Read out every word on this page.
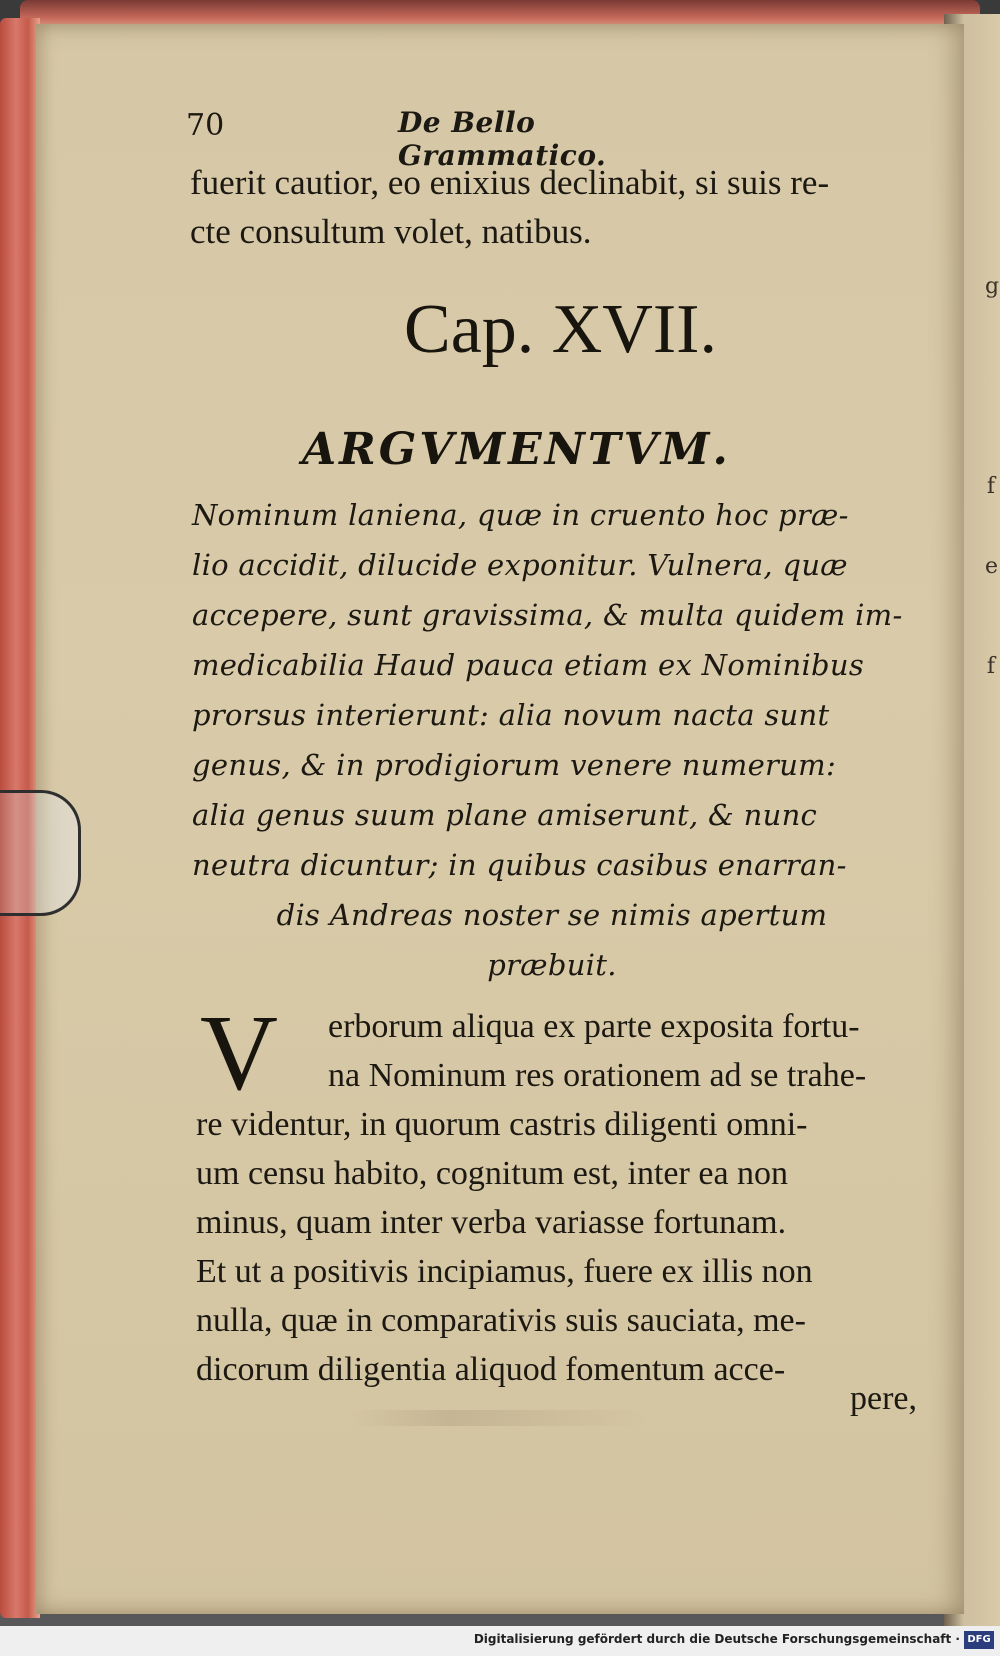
g
f
e
f
70	De Bello Grammatico.
fuerit cautior, eo enixius declinabit, si suis re-
cte consultum volet, natibus.
Cap. XVII.
ARGVMENTVM.
Nominum laniena, quæ in cruento hoc præ-
lio accidit, dilucide exponitur. Vulnera, quæ
accepere, sunt gravissima, & multa quidem im-
medicabilia Haud pauca etiam ex Nominibus
prorsus interierunt: alia novum nacta sunt
genus, & in prodigiorum venere numerum:
alia genus suum plane amiserunt, & nunc
neutra dicuntur; in quibus casibus enarran-
dis Andreas noster se nimis apertum
præbuit.
V	erborum aliqua ex parte exposita fortu-
na Nominum res orationem ad se trahe-
re videntur, in quorum castris diligenti omni-
um censu habito, cognitum est, inter ea non
minus, quam inter verba variasse fortunam.
Et ut a positivis incipiamus, fuere ex illis non
nulla, quæ in comparativis suis sauciata, me-
dicorum diligentia aliquod fomentum acce-
pere,
Digitalisierung gefördert durch die Deutsche Forschungsgemeinschaft · DFG
